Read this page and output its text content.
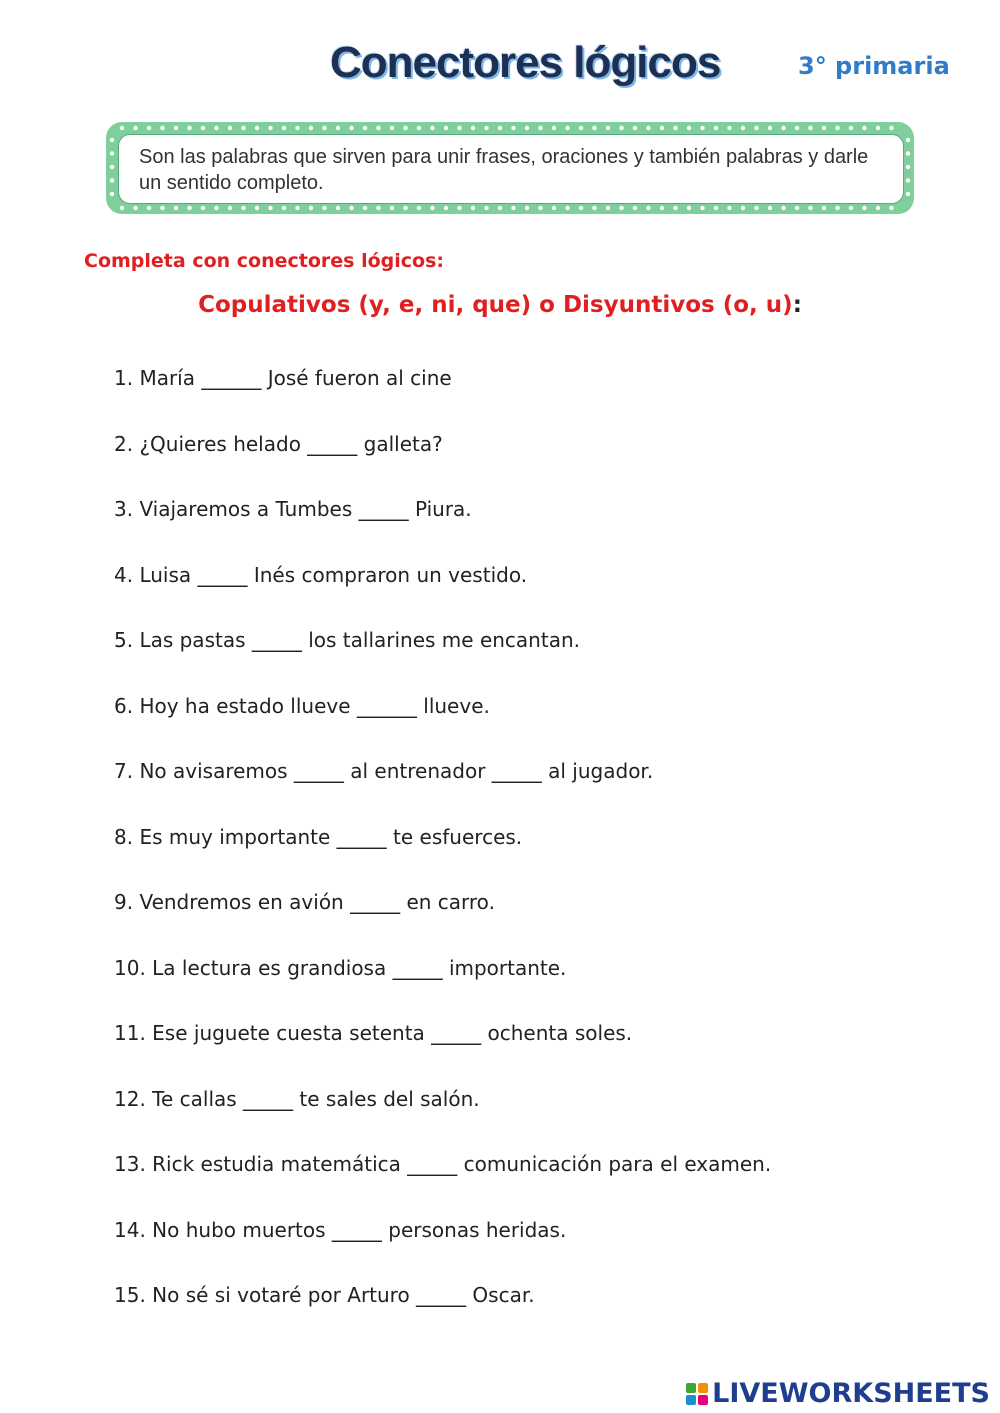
Conectores lógicos	3° primaria
Son las palabras que sirven para unir frases, oraciones y también palabras y darle un sentido completo.
Completa con conectores lógicos:
Copulativos (y, e, ni, que) o Disyuntivos (o, u):
1. María ______ José fueron al cine
2. ¿Quieres helado _____ galleta?
3. Viajaremos a Tumbes _____ Piura.
4. Luisa _____ Inés compraron un vestido.
5. Las pastas _____ los tallarines me encantan.
6. Hoy ha estado llueve ______ llueve.
7. No avisaremos _____ al entrenador _____ al jugador.
8. Es muy importante _____ te esfuerces.
9. Vendremos en avión _____ en carro.
10. La lectura es grandiosa _____ importante.
11. Ese juguete cuesta setenta _____ ochenta soles.
12. Te callas _____ te sales del salón.
13. Rick estudia matemática _____ comunicación para el examen.
14. No hubo muertos _____ personas heridas.
15. No sé si votaré por Arturo _____ Oscar.
LIVEWORKSHEETS
